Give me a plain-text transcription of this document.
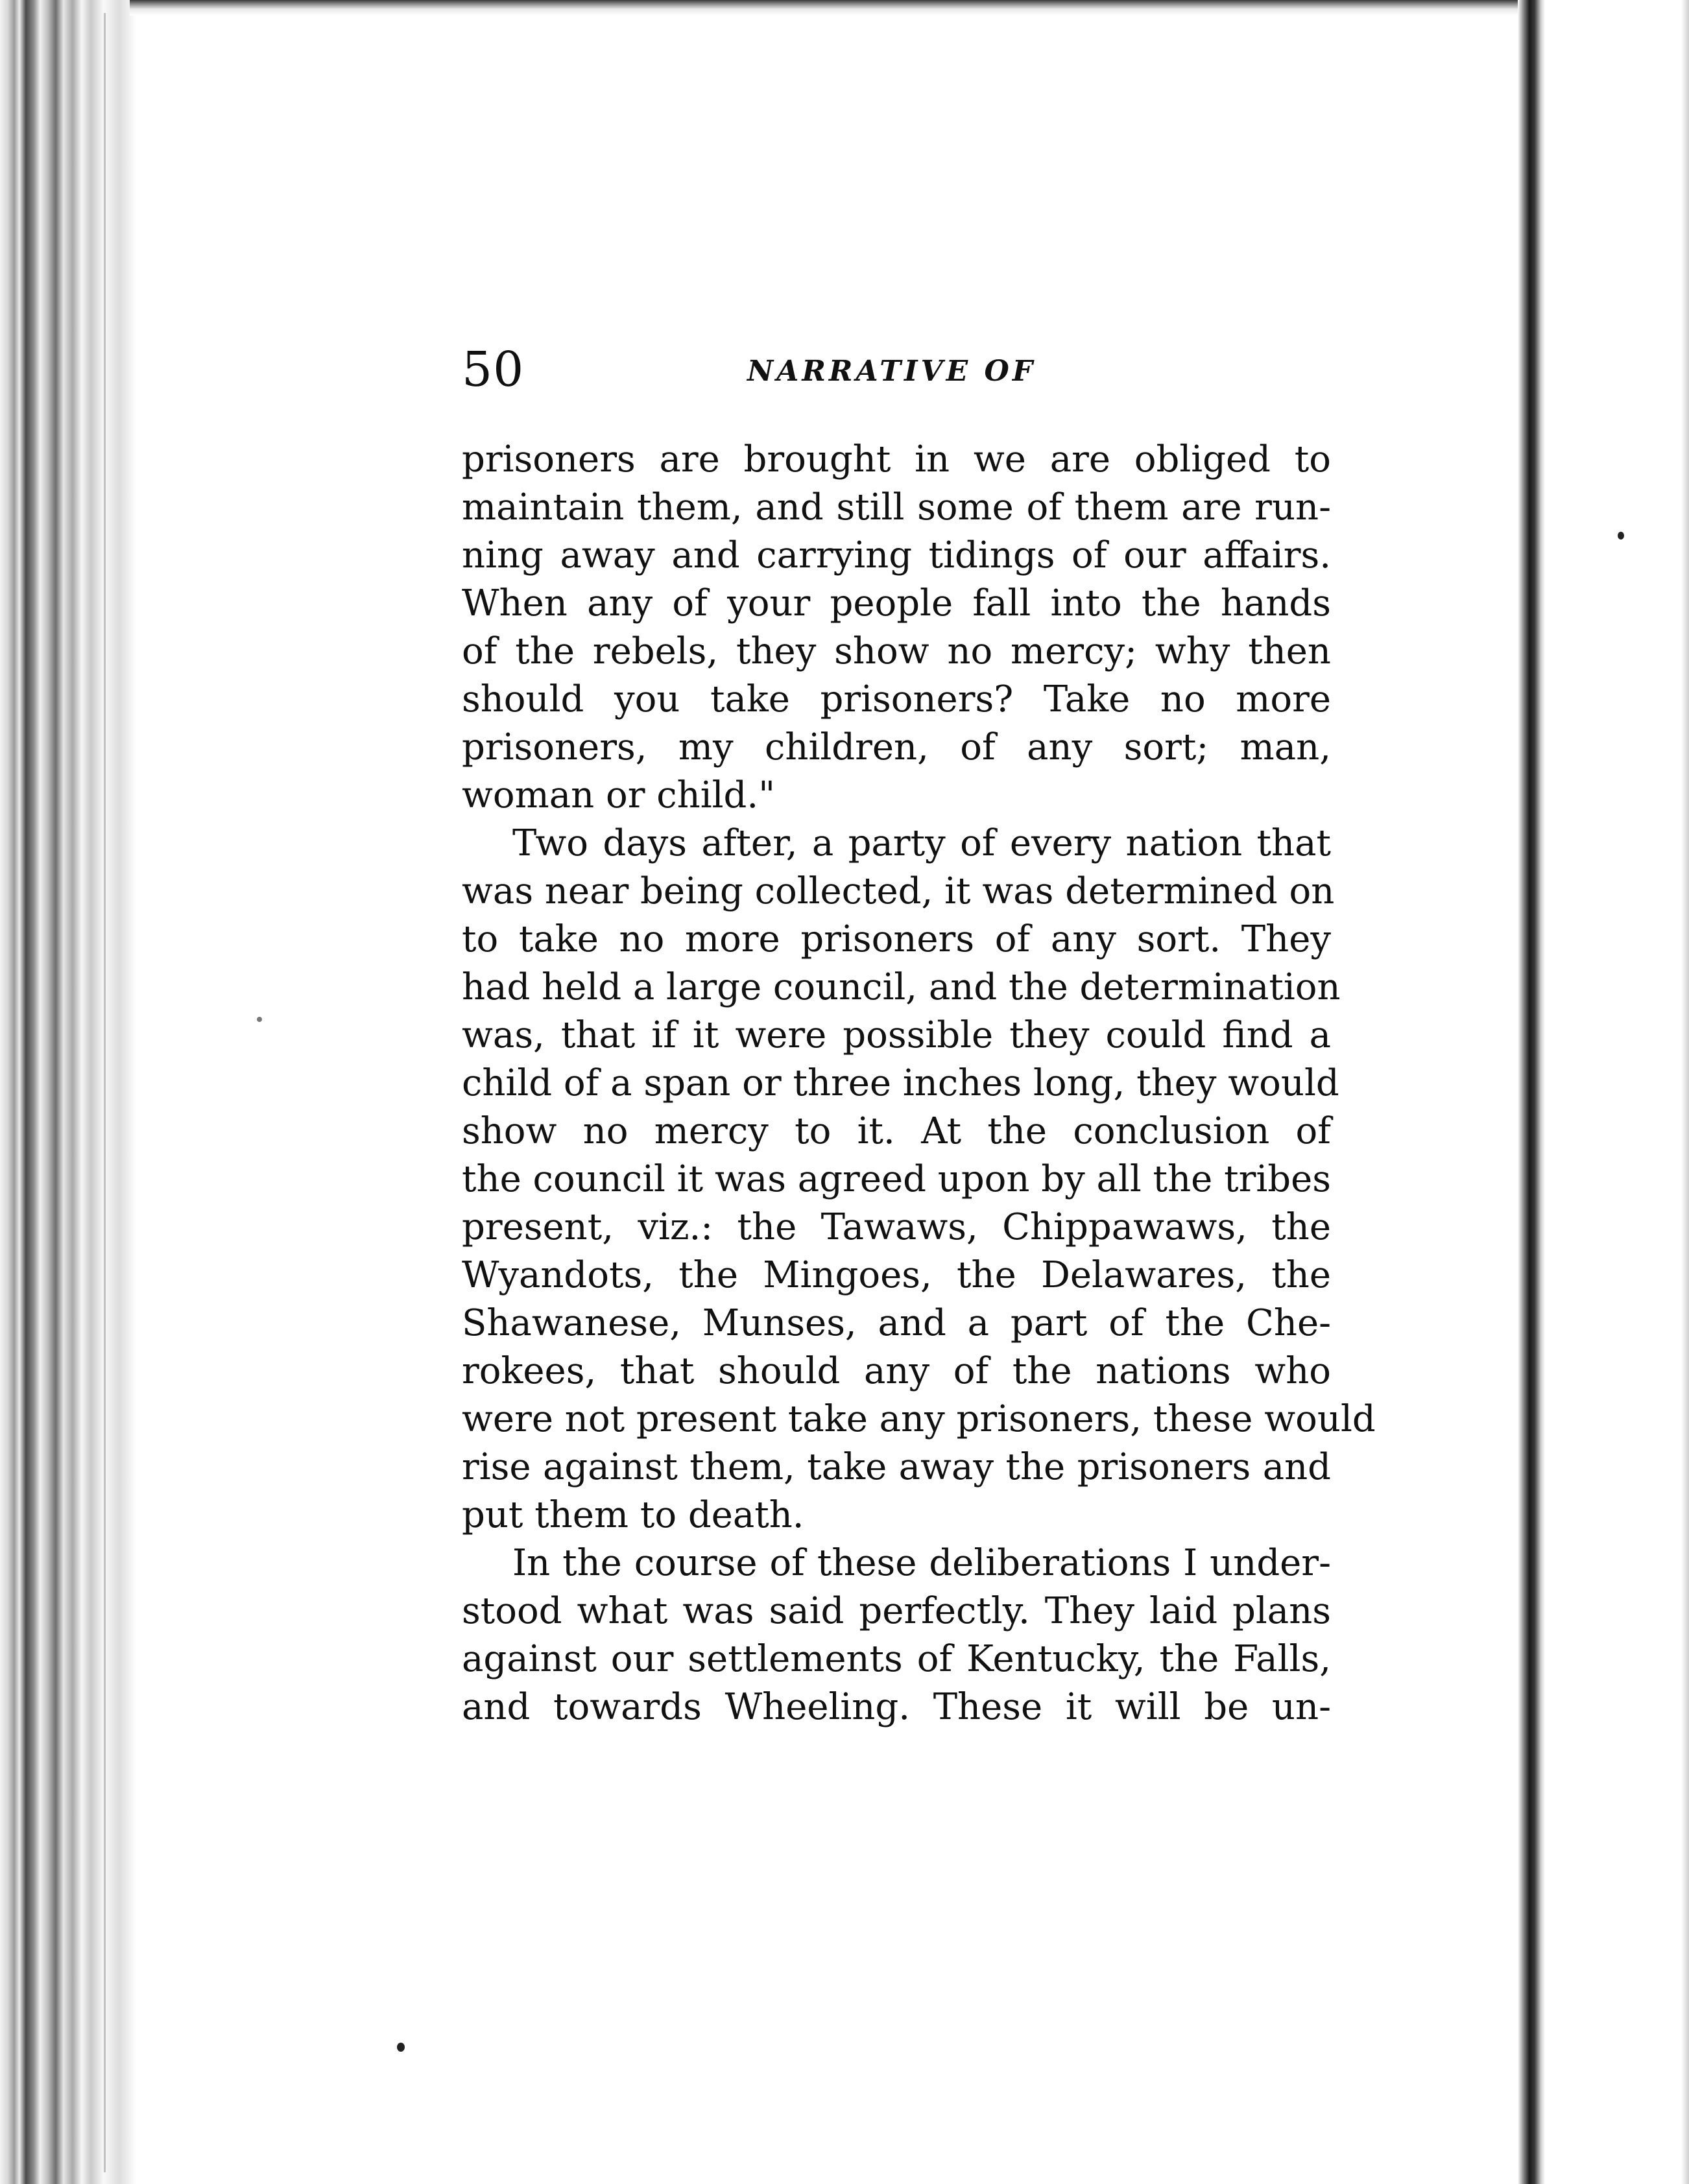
50	NARRATIVE OF
prisoners are brought in we are obliged to
maintain them, and still some of them are run-
ning away and carrying tidings of our affairs.
When any of your people fall into the hands
of the rebels, they show no mercy; why then
should you take prisoners? Take no more
prisoners, my children, of any sort; man,
woman or child."
Two days after, a party of every nation that
was near being collected, it was determined on
to take no more prisoners of any sort. They
had held a large council, and the determination
was, that if it were possible they could find a
child of a span or three inches long, they would
show no mercy to it. At the conclusion of
the council it was agreed upon by all the tribes
present, viz.: the Tawaws, Chippawaws, the
Wyandots, the Mingoes, the Delawares, the
Shawanese, Munses, and a part of the Che-
rokees, that should any of the nations who
were not present take any prisoners, these would
rise against them, take away the prisoners and
put them to death.
In the course of these deliberations I under-
stood what was said perfectly. They laid plans
against our settlements of Kentucky, the Falls,
and towards Wheeling. These it will be un-
